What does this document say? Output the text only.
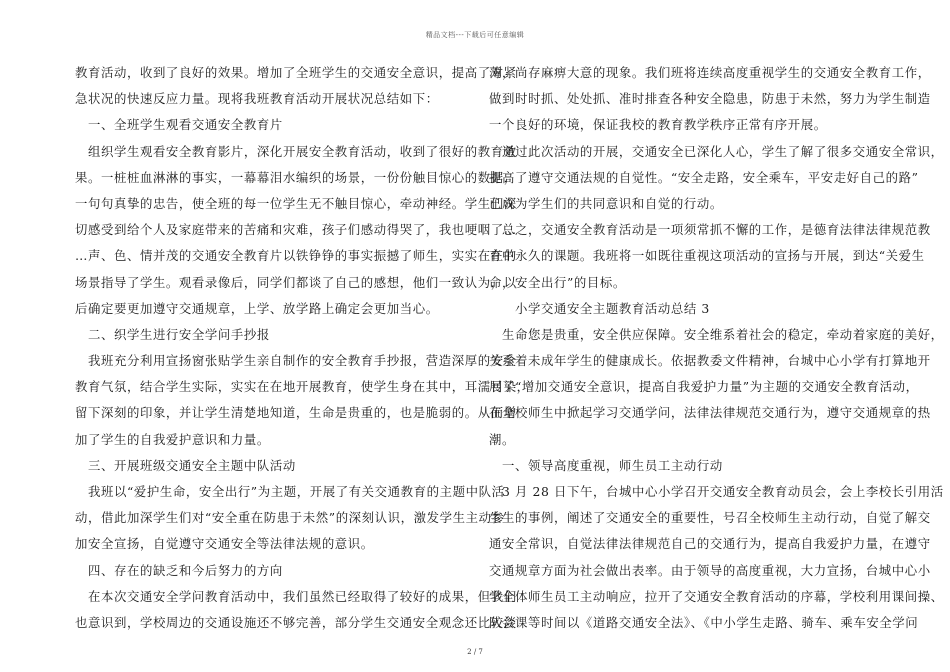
精品文档---下载后可任意编辑
教育活动，收到了良好的效果。增加了全班学生的交通安全意识，提高了对紧
急状况的快速反应力量。现将我班教育活动开展状况总结如下：
　一、全班学生观看交通安全教育片
　组织学生观看安全教育影片，深化开展安全教育活动，收到了很好的教育效
果。一桩桩血淋淋的事实，一幕幕泪水编织的场景，一份份触目惊心的数据，
一句句真挚的忠告，使全班的每一位学生无不触目惊心，牵动神经。学生们深
切感受到给个人及家庭带来的苦痛和灾难，孩子们感动得哭了，我也哽咽了…
…声、色、情并茂的交通安全教育片以铁铮铮的事实振撼了师生，实实在在的
场景指导了学生。观看录像后，同学们都谈了自己的感想，他们一致认为，以
后确定要更加遵守交通规章，上学、放学路上确定会更加当心。
　二、织学生进行安全学问手抄报
　我班充分利用宣扬窗张贴学生亲自制作的安全教育手抄报，营造深厚的安全
教育气氛，结合学生实际，实实在在地开展教育，使学生身在其中，耳濡目染，
留下深刻的印象，并让学生清楚地知道，生命是贵重的，也是脆弱的。从而增
加了学生的自我爱护意识和力量。
　三、开展班级交通安全主题中队活动
　我班以“爱护生命，安全出行”为主题，开展了有关交通教育的主题中队活
动，借此加深学生们对“安全重在防患于未然”的深刻认识，激发学生主动参
加安全宣扬，自觉遵守交通安全等法律法规的意识。
　四、存在的缺乏和今后努力的方向
　在本次交通安全学问教育活动中，我们虽然已经取得了较好的成果，但我们
也意识到，学校周边的交通设施还不够完善，部分学生交通安全观念还比较淡
薄，尚存麻痹大意的现象。我们班将连续高度重视学生的交通安全教育工作，
做到时时抓、处处抓、准时排查各种安全隐患，防患于未然，努力为学生制造
一个良好的环境，保证我校的教育教学秩序正常有序开展。
　通过此次活动的开展，交通安全已深化人心，学生了解了很多交通安全常识，
提高了遵守交通法规的自觉性。“安全走路，安全乘车，平安走好自己的路”
已成为学生们的共同意识和自觉的行动。
　总之，交通安全教育活动是一项须常抓不懈的工作，是德育法律法律规范教
育中永久的课题。我班将一如既往重视这项活动的宣扬与开展，到达“关爱生
命，安全出行”的目标。
　　小学交通安全主题教育活动总结 3
　生命您是贵重，安全供应保障。安全维系着社会的稳定，牵动着家庭的美好，
关系着未成年学生的健康成长。依据教委文件精神，台城中心小学有打算地开
展了“增加交通安全意识，提高自我爱护力量”为主题的交通安全教育活动，
在全校师生中掀起学习交通学问，法律法律规范交通行为，遵守交通规章的热
潮。
　一、领导高度重视，师生员工主动行动
　3 月 28 日下午，台城中心小学召开交通安全教育动员会，会上李校长引用活
生生的事例，阐述了交通安全的重要性，号召全校师生主动行动，自觉了解交
通安全常识，自觉法律法律规范自己的交通行为，提高自我爱护力量，在遵守
交通规章方面为社会做出表率。由于领导的高度重视，大力宣扬，台城中心小
学全体师生员工主动响应，拉开了交通安全教育活动的序幕，学校利用课间操、
队会课等时间以《道路交通安全法》、《中小学生走路、骑车、乘车安全学问
2 / 7
